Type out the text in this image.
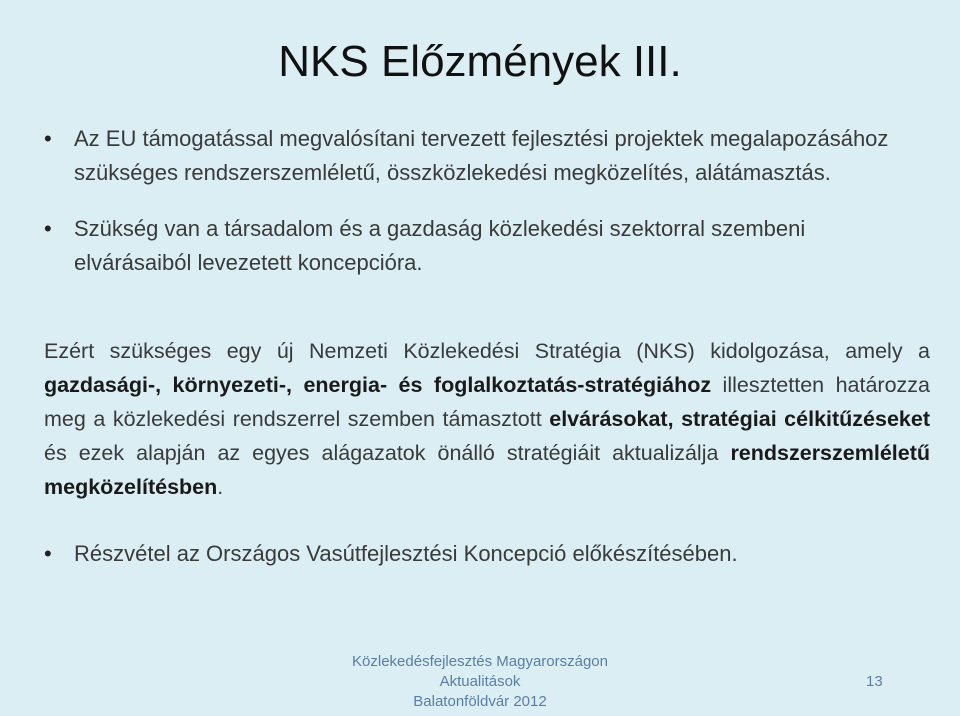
NKS Előzmények III.
• Az EU támogatással megvalósítani tervezett fejlesztési projektek megalapozásához szükséges rendszerszemléletű, összközlekedési megközelítés, alátámasztás.
• Szükség van a társadalom és a gazdaság közlekedési szektorral szembeni elvárásaiból levezetett koncepcióra.

Ezért szükséges egy új Nemzeti Közlekedési Stratégia (NKS) kidolgozása, amely a gazdasági-, környezeti-, energia- és foglalkoztatás-stratégiához illesztetten határozza meg a közlekedési rendszerrel szemben támasztott elvárásokat, stratégiai célkitűzéseket és ezek alapján az egyes alágazatok önálló stratégiáit aktualizálja rendszerszemléletű megközelítésben.

• Részvétel az Országos Vasútfejlesztési Koncepció előkészítésében.
Közlekedésfejlesztés Magyarországon
Aktualitások
Balatonföldvár 2012
13
